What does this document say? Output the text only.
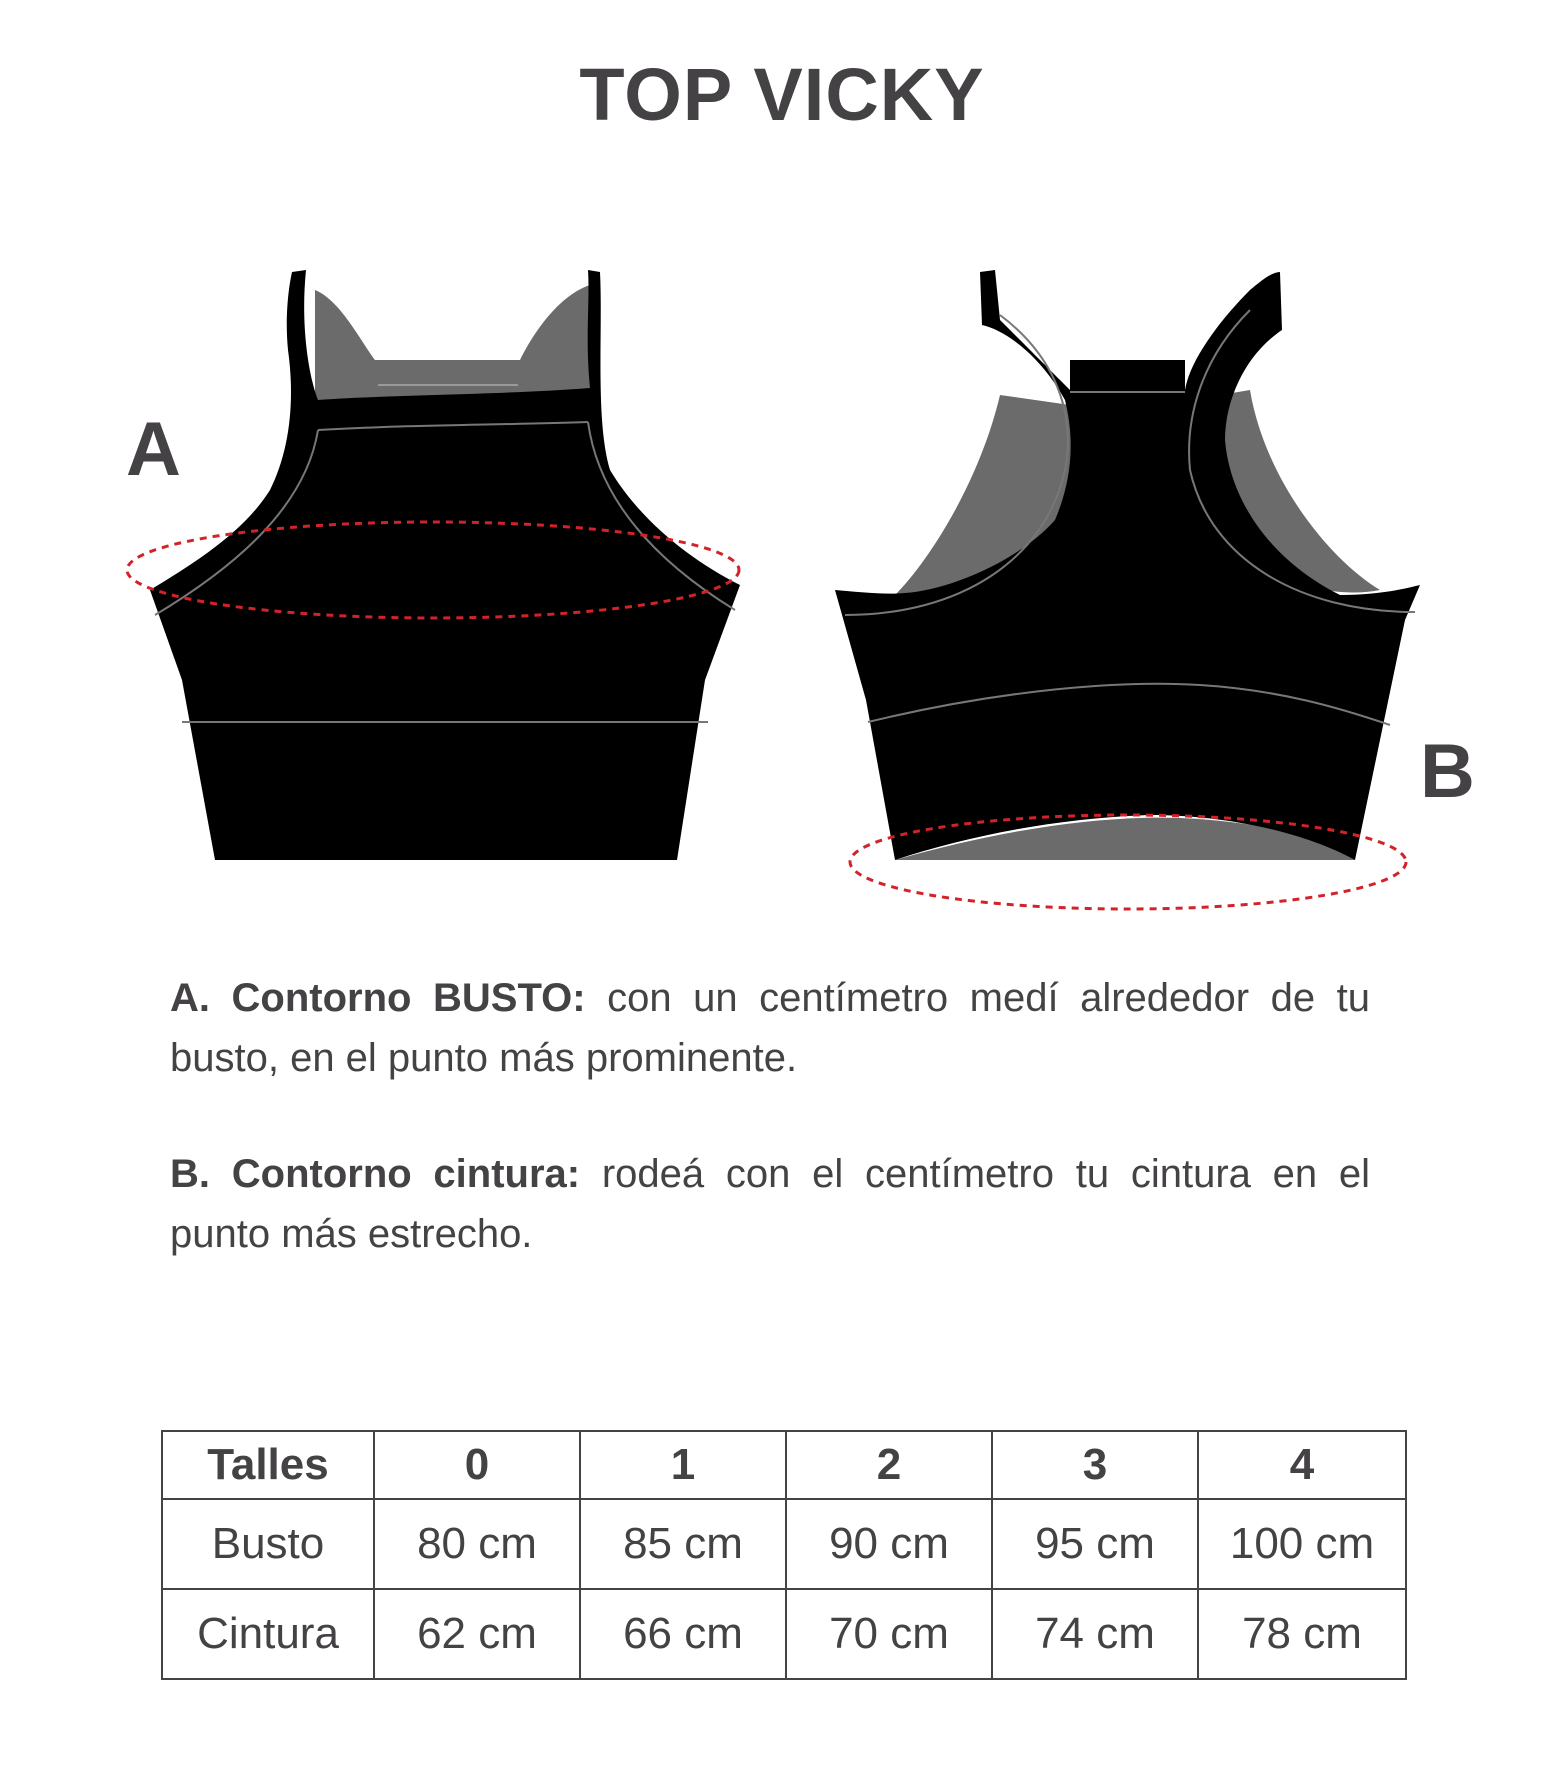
TOP VICKY
A
B
A. Contorno BUSTO: con un centímetro medí alrededor de tu busto, en el punto más prominente.
B. Contorno cintura: rodeá con el centímetro tu cintura en el punto más estrecho.
Talles	0	1	2	3	4
Busto	80 cm	85 cm	90 cm	95 cm	100 cm
Cintura	62 cm	66 cm	70 cm	74 cm	78 cm
